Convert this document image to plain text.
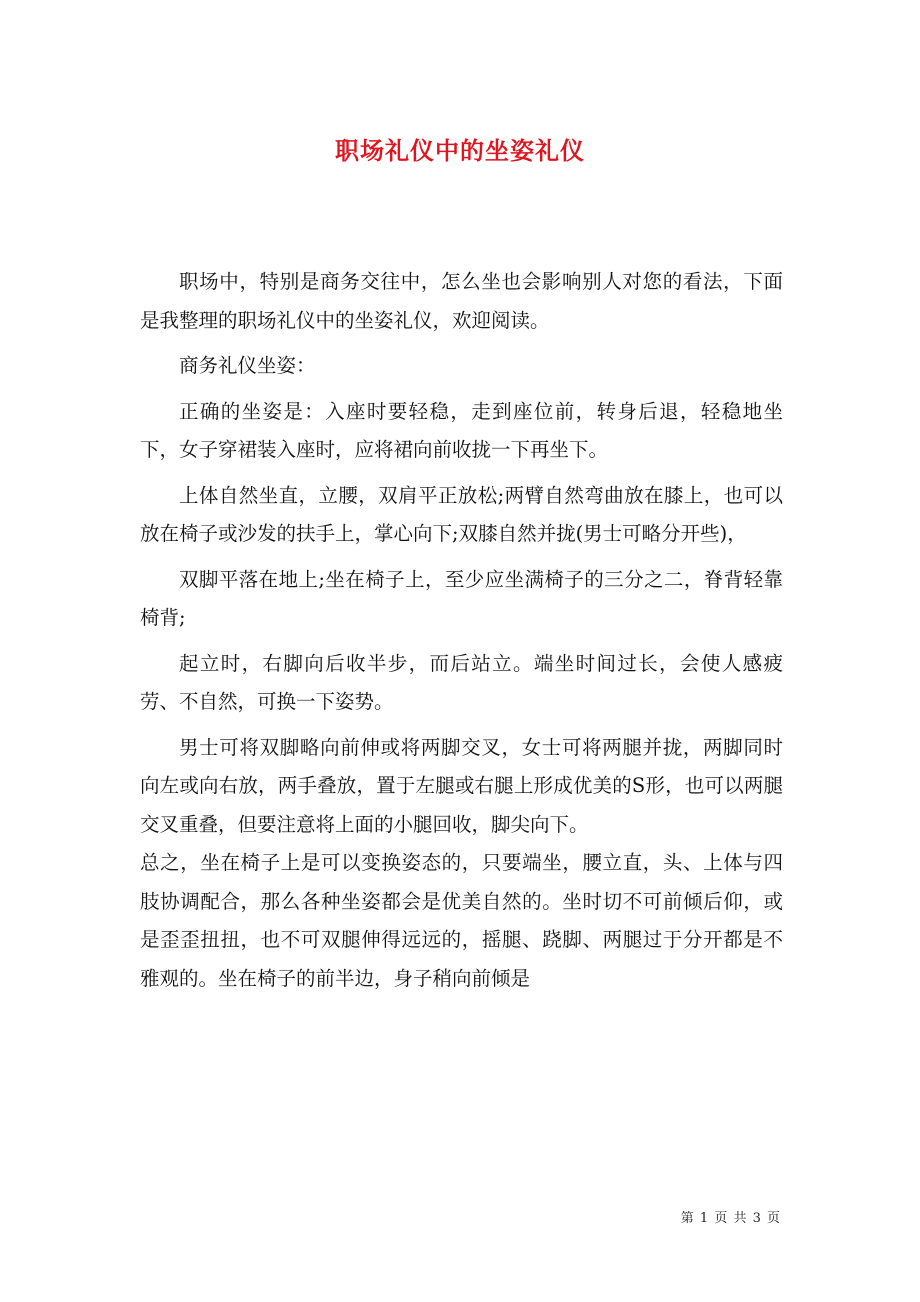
职场礼仪中的坐姿礼仪

职场中，特别是商务交往中，怎么坐也会影响别人对您的看法，下面是我整理的职场礼仪中的坐姿礼仪，欢迎阅读。

商务礼仪坐姿：

正确的坐姿是：入座时要轻稳，走到座位前，转身后退，轻稳地坐下，女子穿裙装入座时，应将裙向前收拢一下再坐下。

上体自然坐直，立腰，双肩平正放松;两臂自然弯曲放在膝上，也可以放在椅子或沙发的扶手上，掌心向下;双膝自然并拢(男士可略分开些)，

双脚平落在地上;坐在椅子上，至少应坐满椅子的三分之二，脊背轻靠椅背;

起立时，右脚向后收半步，而后站立。端坐时间过长，会使人感疲劳、不自然，可换一下姿势。

男士可将双脚略向前伸或将两脚交叉，女士可将两腿并拢，两脚同时向左或向右放，两手叠放，置于左腿或右腿上形成优美的S形，也可以两腿交叉重叠，但要注意将上面的小腿回收，脚尖向下。

总之，坐在椅子上是可以变换姿态的，只要端坐，腰立直，头、上体与四肢协调配合，那么各种坐姿都会是优美自然的。坐时切不可前倾后仰，或是歪歪扭扭，也不可双腿伸得远远的，摇腿、跷脚、两腿过于分开都是不雅观的。坐在椅子的前半边，身子稍向前倾是

第 1 页 共 3 页
